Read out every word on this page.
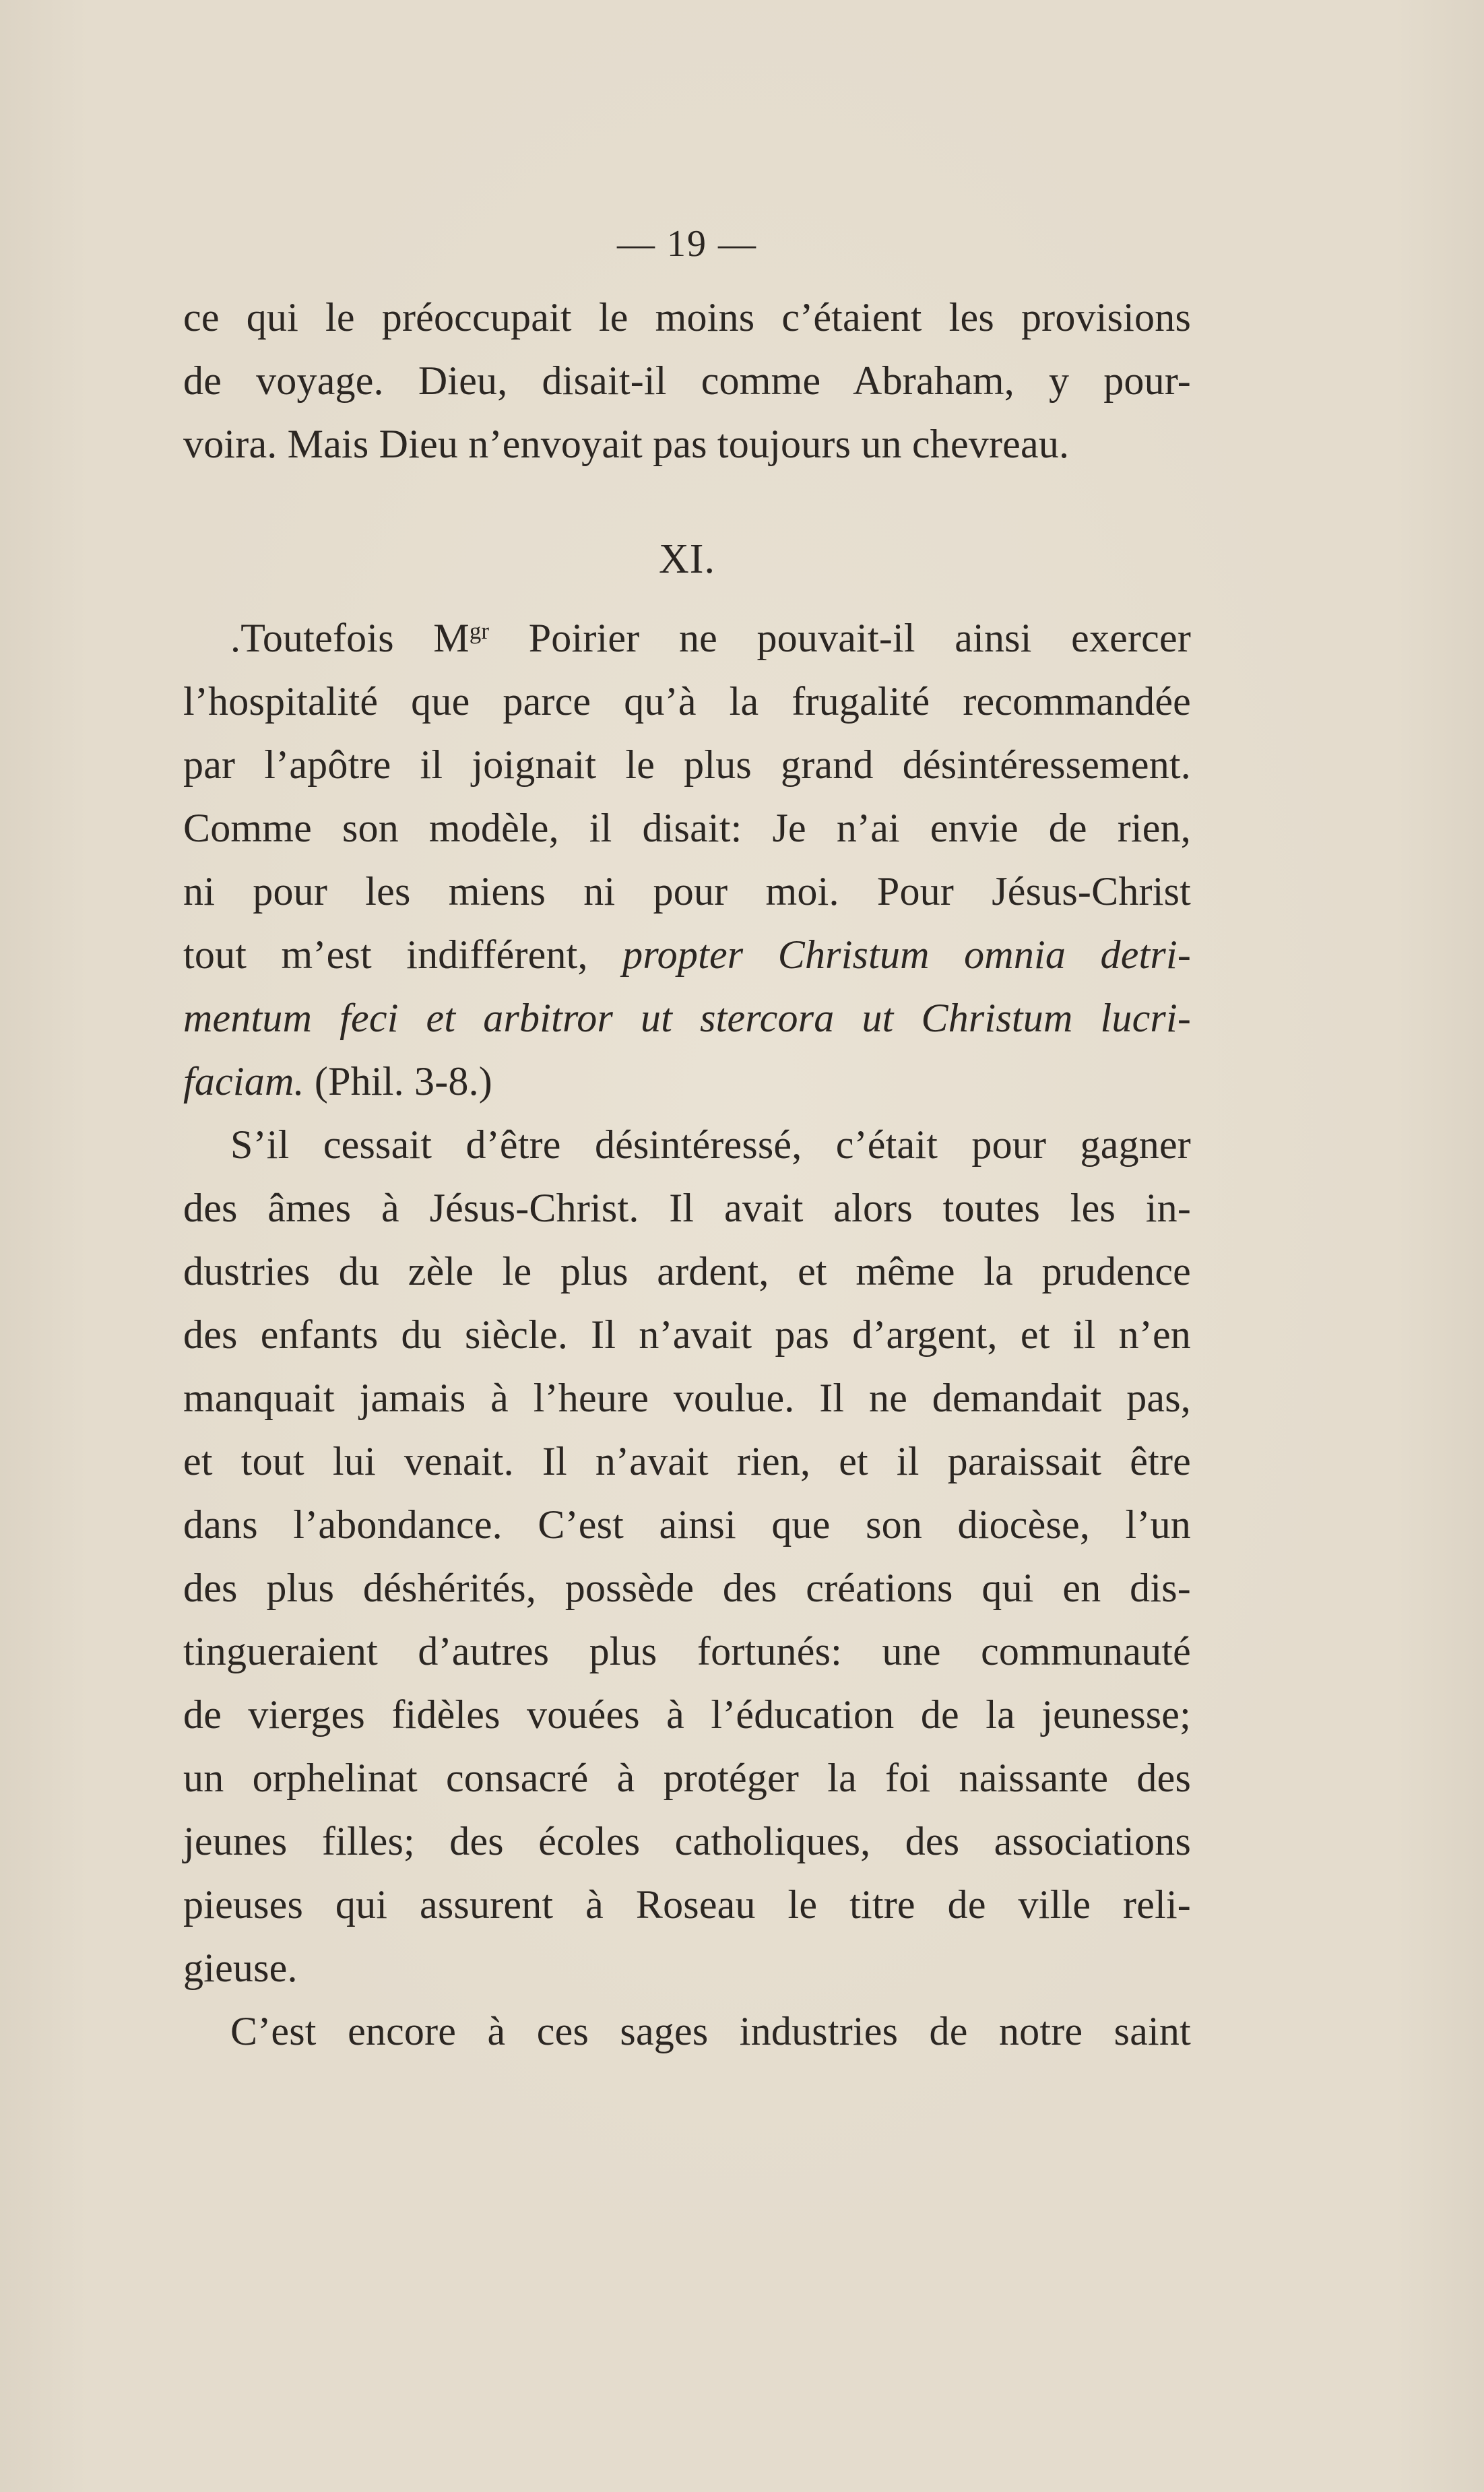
— 19 —
ce qui le préoccupait le moins c’étaient les provisions
de voyage. Dieu, disait-il comme Abraham, y pour-
voira. Mais Dieu n’envoyait pas toujours un chevreau.
XI.
.Toutefois $M^{gr}$ Poirier ne pouvait-il ainsi exercer
l’hospitalité que parce qu’à la frugalité recommandée
par l’apôtre il joignait le plus grand désintéressement.
Comme son modèle, il disait: Je n’ai envie de rien,
ni pour les miens ni pour moi. Pour Jésus-Christ
tout m’est indifférent, propter Christum omnia detri-
mentum feci et arbitror ut stercora ut Christum lucri-
faciam. (Phil. 3-8.)
S’il cessait d’être désintéressé, c’était pour gagner
des âmes à Jésus-Christ. Il avait alors toutes les in-
dustries du zèle le plus ardent, et même la prudence
des enfants du siècle. Il n’avait pas d’argent, et il n’en
manquait jamais à l’heure voulue. Il ne demandait pas,
et tout lui venait. Il n’avait rien, et il paraissait être
dans l’abondance. C’est ainsi que son diocèse, l’un
des plus déshérités, possède des créations qui en dis-
tingueraient d’autres plus fortunés: une communauté
de vierges fidèles vouées à l’éducation de la jeunesse;
un orphelinat consacré à protéger la foi naissante des
jeunes filles; des écoles catholiques, des associations
pieuses qui assurent à Roseau le titre de ville reli-
gieuse.
C’est encore à ces sages industries de notre saint
